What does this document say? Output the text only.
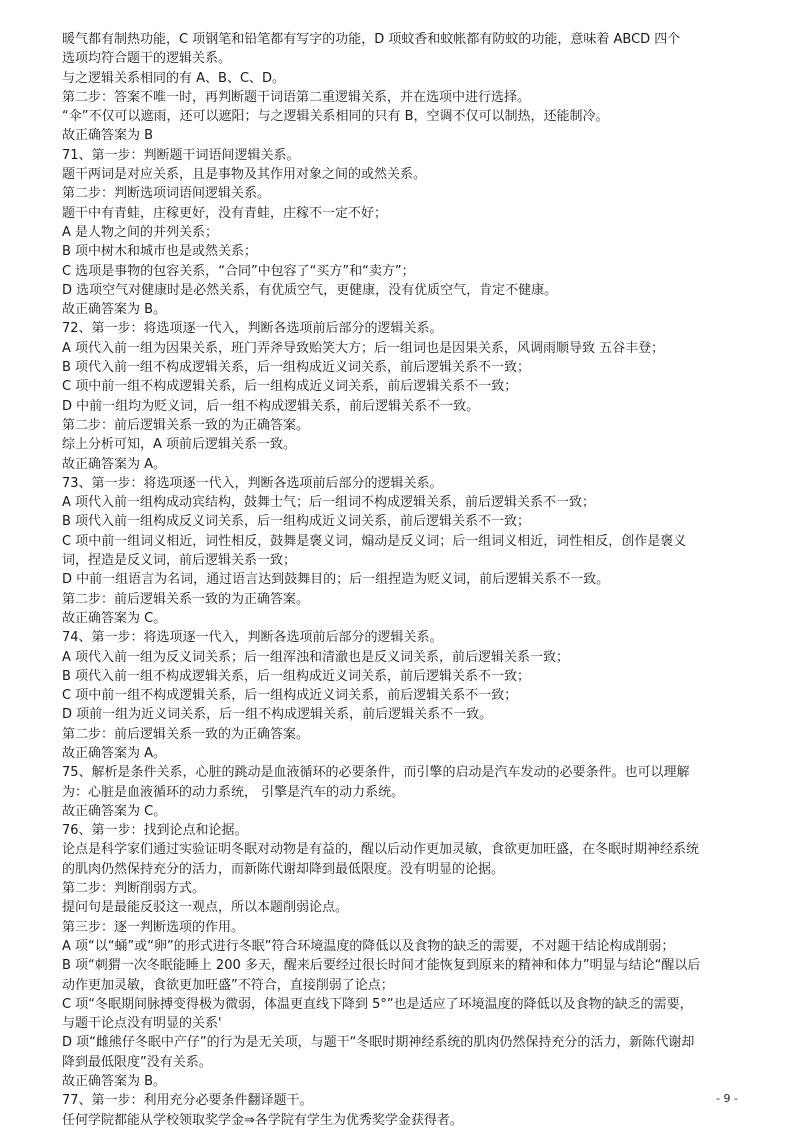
暖气都有制热功能，C 项钢笔和铅笔都有写字的功能，D 项蚊香和蚊帐都有防蚊的功能，意味着 ABCD 四个

选项均符合题干的逻辑关系。

与之逻辑关系相同的有 A、B、C、D。

第二步：答案不唯一时，再判断题干词语第二重逻辑关系，并在选项中进行选择。

“伞”不仅可以遮雨，还可以遮阳；与之逻辑关系相同的只有 B，空调不仅可以制热，还能制冷。

故正确答案为 B

71、第一步：判断题干词语间逻辑关系。

题干两词是对应关系，且是事物及其作用对象之间的或然关系。

第二步：判断选项词语间逻辑关系。

题干中有青蛙，庄稼更好，没有青蛙，庄稼不一定不好；

A 是人物之间的并列关系；

B 项中树木和城市也是或然关系；

C 选项是事物的包容关系，“合同”中包容了“买方”和“卖方”；

D 选项空气对健康时是必然关系，有优质空气，更健康，没有优质空气，肯定不健康。

故正确答案为 B。

72、第一步：将选项逐一代入，判断各选项前后部分的逻辑关系。

A 项代入前一组为因果关系，班门弄斧导致贻笑大方；后一组词也是因果关系，风调雨顺导致 五谷丰登；

B 项代入前一组不构成逻辑关系，后一组构成近义词关系，前后逻辑关系不一致；

C 项中前一组不构成逻辑关系，后一组构成近义词关系，前后逻辑关系不一致；

D 中前一组均为贬义词，后一组不构成逻辑关系，前后逻辑关系不一致。

第二步：前后逻辑关系一致的为正确答案。

综上分析可知，A 项前后逻辑关系一致。

故正确答案为 A。

73、第一步：将选项逐一代入，判断各选项前后部分的逻辑关系。

A 项代入前一组构成动宾结构，鼓舞士气；后一组词不构成逻辑关系，前后逻辑关系不一致；

B 项代入前一组构成反义词关系，后一组构成近义词关系，前后逻辑关系不一致；

C 项中前一组词义相近，词性相反，鼓舞是褒义词，煽动是反义词；后一组词义相近，词性相反，创作是褒义

词，捏造是反义词，前后逻辑关系一致；

D 中前一组语言为名词，通过语言达到鼓舞目的；后一组捏造为贬义词，前后逻辑关系不一致。

第二步：前后逻辑关系一致的为正确答案。

故正确答案为 C。

74、第一步：将选项逐一代入，判断各选项前后部分的逻辑关系。

A 项代入前一组为反义词关系；后一组浑浊和清澈也是反义词关系，前后逻辑关系一致；

B 项代入前一组不构成逻辑关系，后一组构成近义词关系，前后逻辑关系不一致；

C 项中前一组不构成逻辑关系，后一组构成近义词关系，前后逻辑关系不一致；

D 项前一组为近义词关系，后一组不构成逻辑关系，前后逻辑关系不一致。

第二步：前后逻辑关系一致的为正确答案。

故正确答案为 A。

75、解析是条件关系，心脏的跳动是血液循环的必要条件，而引擎的启动是汽车发动的必要条件。也可以理解

为：心脏是血液循环的动力系统， 引擎是汽车的动力系统。

故正确答案为 C。

76、第一步：找到论点和论据。

论点是科学家们通过实验证明冬眠对动物是有益的，醒以后动作更加灵敏，食欲更加旺盛，在冬眠时期神经系统

的肌肉仍然保持充分的活力，而新陈代谢却降到最低限度。没有明显的论据。

第二步：判断削弱方式。

提问句是最能反驳这一观点，所以本题削弱论点。

第三步：逐一判断选项的作用。

A 项“以“蛹”或“卵”的形式进行冬眠”符合环境温度的降低以及食物的缺乏的需要，不对题干结论构成削弱；

B 项“刺猬一次冬眠能睡上 200 多天，醒来后要经过很长时间才能恢复到原来的精神和体力”明显与结论“醒以后

动作更加灵敏，食欲更加旺盛”不符合，直接削弱了论点；

C 项“冬眠期间脉搏变得极为微弱，体温更直线下降到 5°”也是适应了环境温度的降低以及食物的缺乏的需要，

与题干论点没有明显的关系'

D 项“雌熊仔冬眠中产仔”的行为是无关项，与题干“冬眠时期神经系统的肌肉仍然保持充分的活力，新陈代谢却

降到最低限度”没有关系。

故正确答案为 B。

77、第一步：利用充分必要条件翻译题干。

任何学院都能从学校领取奖学金⇒各学院有学生为优秀奖学金获得者。

- 9 -
